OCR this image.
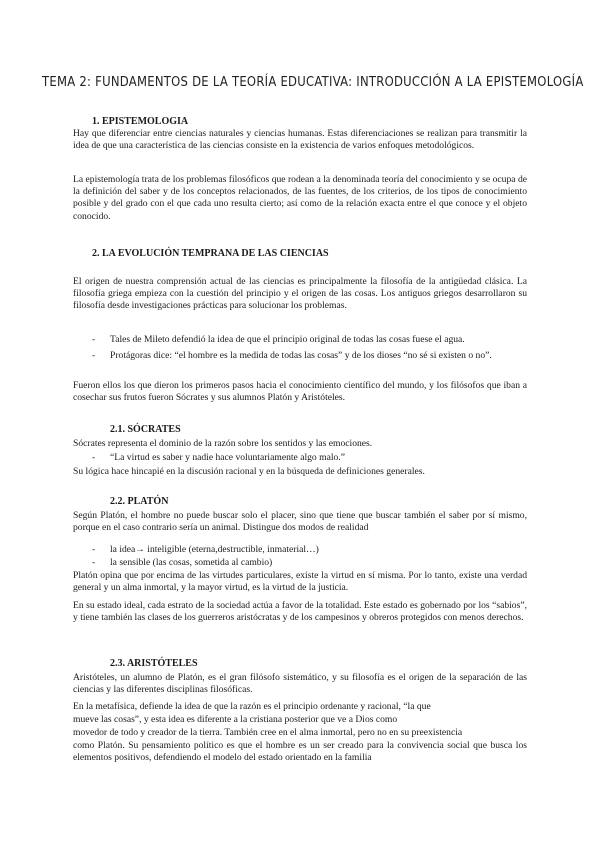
TEMA 2: FUNDAMENTOS DE LA TEORÍA EDUCATIVA: INTRODUCCIÓN A LA EPISTEMOLOGÍA
1. EPISTEMOLOGIA
Hay que diferenciar entre ciencias naturales y ciencias humanas. Estas diferenciaciones se realizan para transmitir la idea de que una característica de las ciencias consiste en la existencia de varios enfoques metodológicos.
La epistemología trata de los problemas filosóficos que rodean a la denominada teoría del conocimiento y se ocupa de la definición del saber y de los conceptos relacionados, de las fuentes, de los criterios, de los tipos de conocimiento posible y del grado con el que cada uno resulta cierto; así como de la relación exacta entre el que conoce y el objeto conocido.
2. LA EVOLUCIÓN TEMPRANA DE LAS CIENCIAS
El origen de nuestra comprensión actual de las ciencias es principalmente la filosofía de la antigüedad clásica. La filosofía griega empieza con la cuestión del principio y el origen de las cosas. Los antiguos griegos desarrollaron su filosofía desde investigaciones prácticas para solucionar los problemas.
- Tales de Mileto defendió la idea de que el principio original de todas las cosas fuese el agua.
- Protágoras dice: “el hombre es la medida de todas las cosas” y de los dioses “no sé si existen o no”.
Fueron ellos los que dieron los primeros pasos hacia el conocimiento científico del mundo, y los filósofos que iban a cosechar sus frutos fueron Sócrates y sus alumnos Platón y Aristóteles.
2.1. SÓCRATES
Sócrates representa el dominio de la razón sobre los sentidos y las emociones.
- “La virtud es saber y nadie hace voluntariamente algo malo.”
Su lógica hace hincapié en la discusión racional y en la búsqueda de definiciones generales.
2.2. PLATÓN
Según Platón, el hombre no puede buscar solo el placer, sino que tiene que buscar también el saber por sí mismo, porque en el caso contrario sería un animal. Distingue dos modos de realidad
- la idea→ inteligible (eterna,destructible, inmaterial…)
- la sensible (las cosas, sometida al cambio)
Platón opina que por encima de las virtudes particulares, existe la virtud en sí misma. Por lo tanto, existe una verdad general y un alma inmortal, y la mayor virtud, es la virtud de la justicia.
En su estado ideal, cada estrato de la sociedad actúa a favor de la totalidad. Este estado es gobernado por los “sabios”, y tiene también las clases de los guerreros aristócratas y de los campesinos y obreros protegidos con menos derechos.
2.3. ARISTÓTELES
Aristóteles, un alumno de Platón, es el gran filósofo sistemático, y su filosofía es el origen de la separación de las ciencias y las diferentes disciplinas filosóficas.
En la metafísica, defiende la idea de que la razón es el principio ordenante y racional, “la que
mueve las cosas”, y esta idea es diferente a la cristiana posterior que ve a Dios como
movedor de todo y creador de la tierra. También cree en el alma inmortal, pero no en su preexistencia
como Platón. Su pensamiento político es que el hombre es un ser creado para la convivencia social que busca los elementos positivos, defendiendo el modelo del estado orientado en la familia
